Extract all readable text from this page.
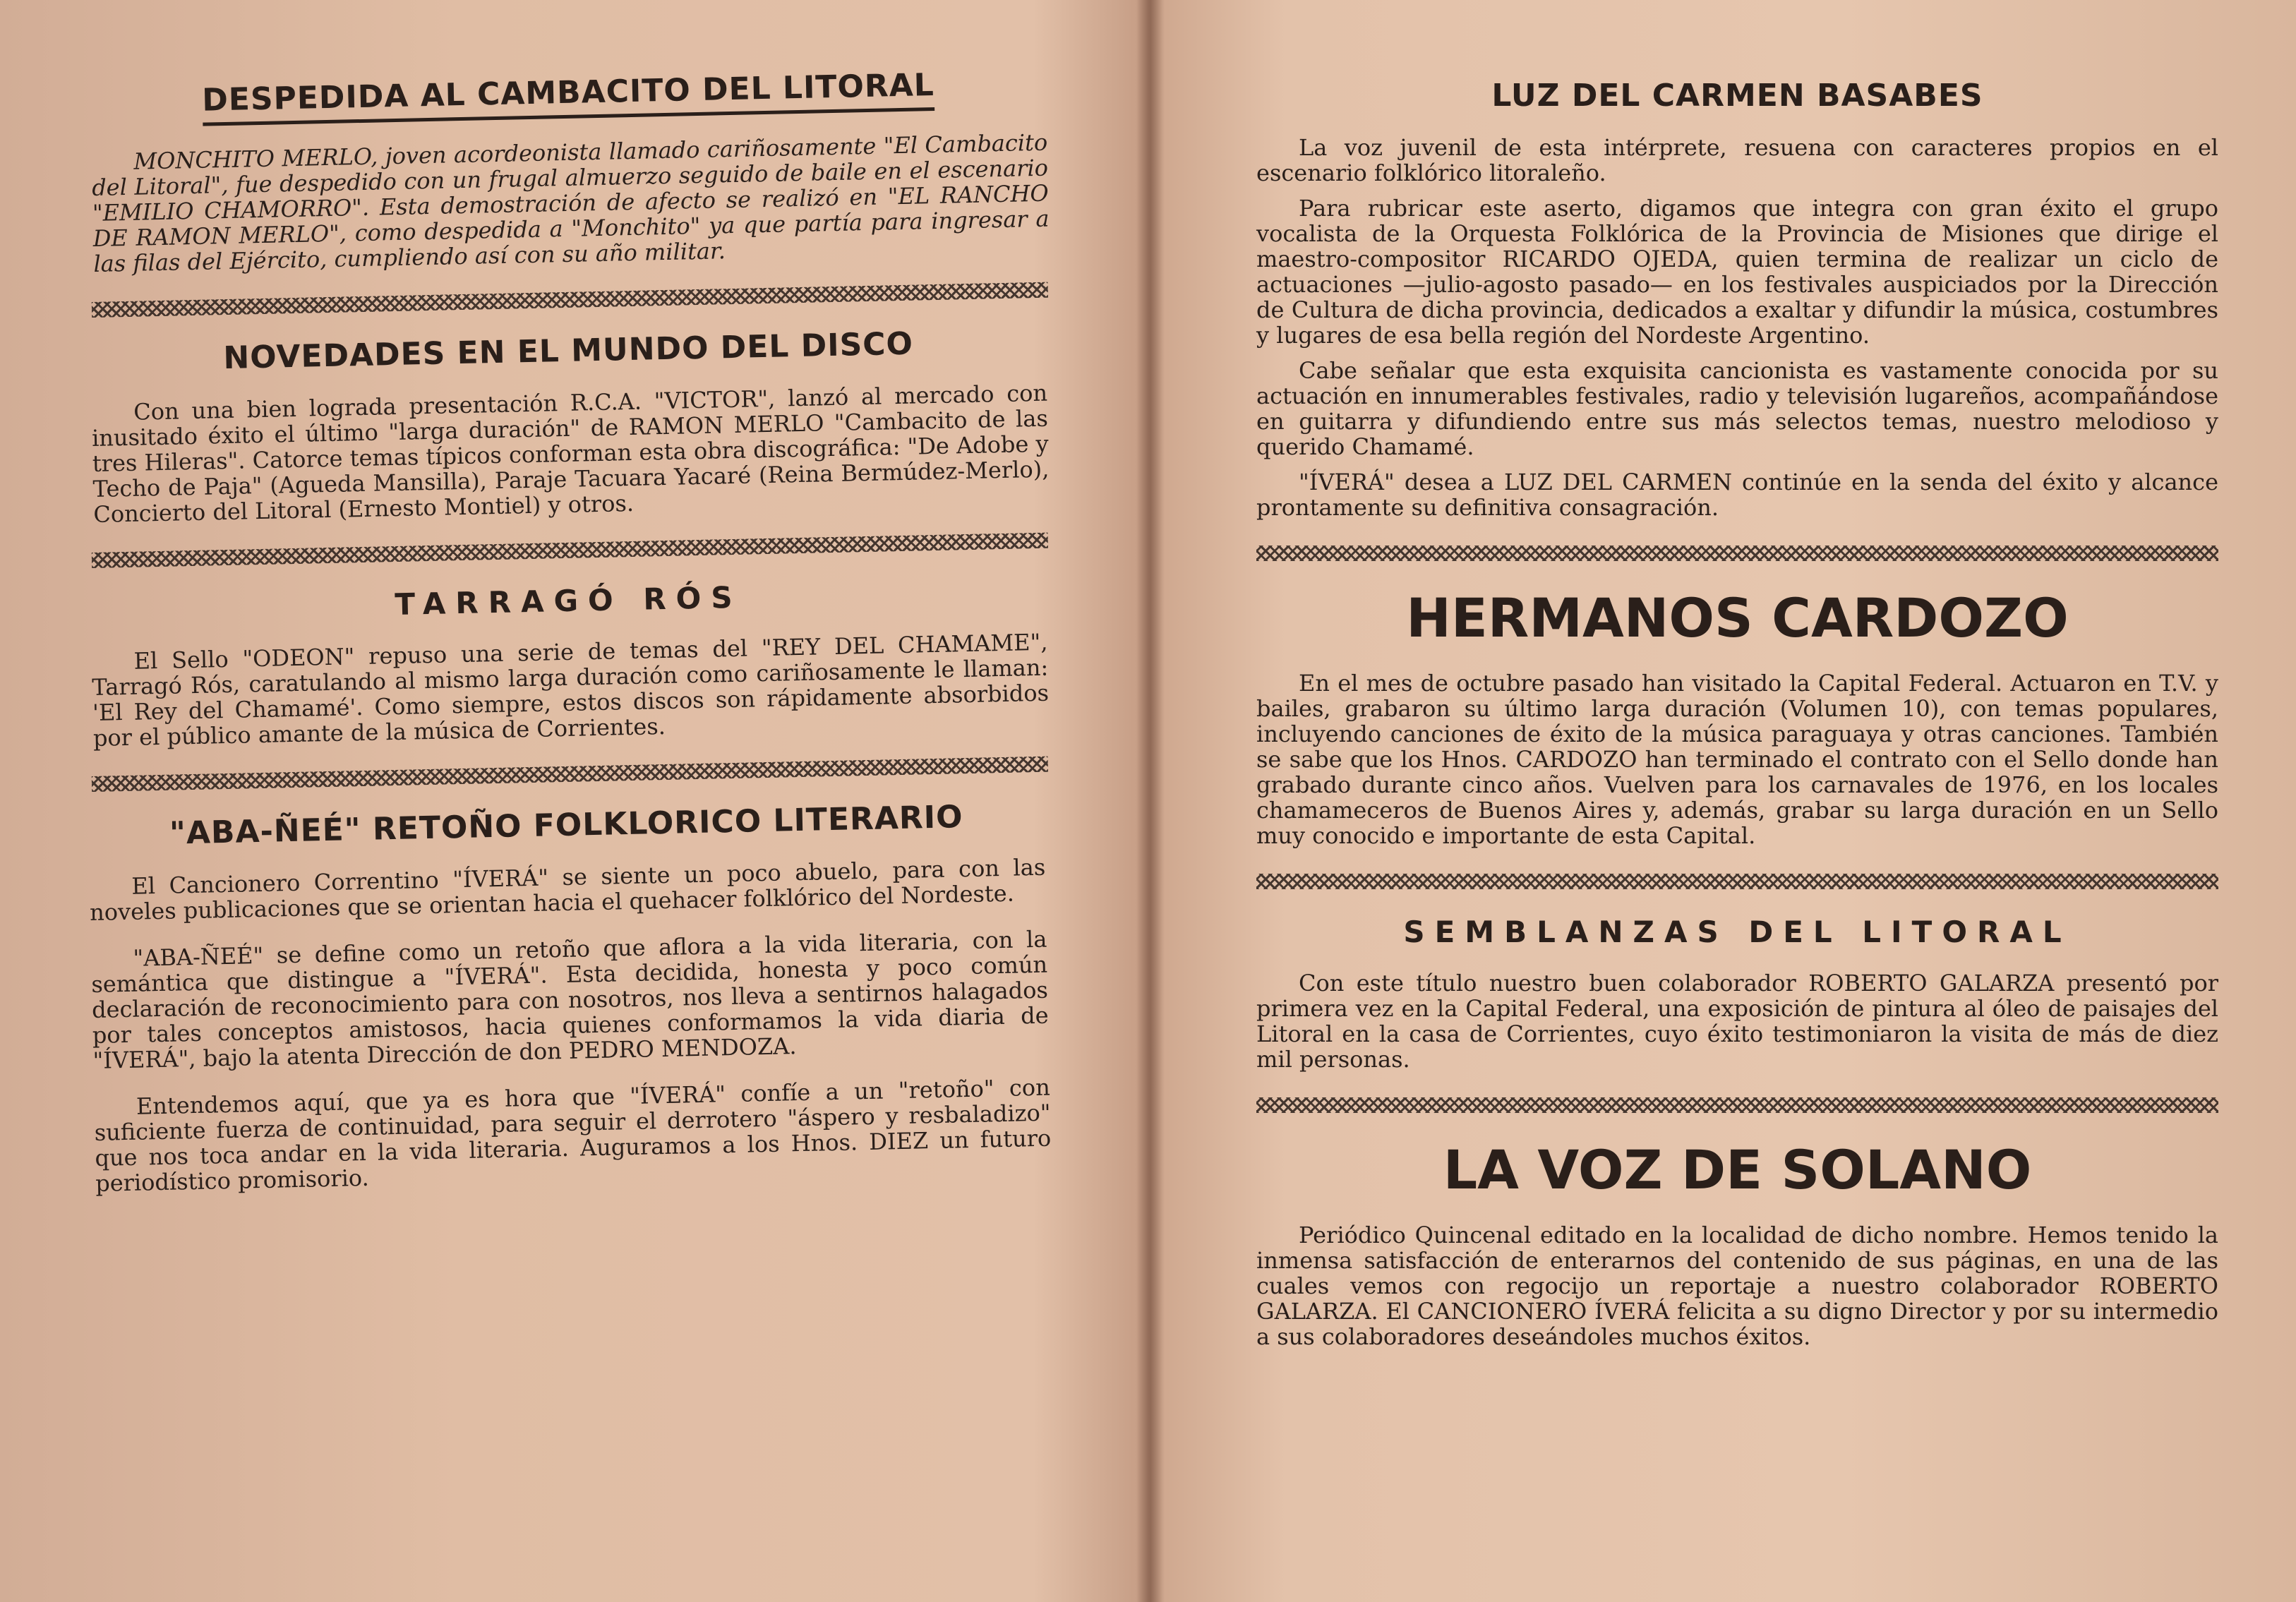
DESPEDIDA AL CAMBACITO DEL LITORAL

MONCHITO MERLO, joven acordeonista llamado cariñosamente "El Cambacito del Litoral", fue despedido con un frugal almuerzo seguido de baile en el escenario "EMILIO CHAMORRO". Esta demostración de afecto se realizó en "EL RANCHO DE RAMON MERLO", como despedida a "Monchito" ya que partía para ingresar a las filas del Ejército, cumpliendo así con su año militar.

NOVEDADES EN EL MUNDO DEL DISCO

Con una bien lograda presentación R.C.A. "VICTOR", lanzó al mercado con inusitado éxito el último "larga duración" de RAMON MERLO "Cambacito de las tres Hileras". Catorce temas típicos conforman esta obra discográfica: "De Adobe y Techo de Paja" (Agueda Mansilla), Paraje Tacuara Yacaré (Reina Bermúdez-Merlo), Concierto del Litoral (Ernesto Montiel) y otros.

TARRAGÓ RÓS

El Sello "ODEON" repuso una serie de temas del "REY DEL CHAMAME", Tarragó Rós, caratulando al mismo larga duración como cariñosamente le llaman: 'El Rey del Chamamé'. Como siempre, estos discos son rápidamente absorbidos por el público amante de la música de Corrientes.

"ABA-ÑEÉ" RETOÑO FOLKLORICO LITERARIO

El Cancionero Correntino "ÍVERÁ" se siente un poco abuelo, para con las noveles publicaciones que se orientan hacia el quehacer folklórico del Nordeste.

"ABA-ÑEÉ" se define como un retoño que aflora a la vida literaria, con la semántica que distingue a "ÍVERÁ". Esta decidida, honesta y poco común declaración de reconocimiento para con nosotros, nos lleva a sentirnos halagados por tales conceptos amistosos, hacia quienes conformamos la vida diaria de "ÍVERÁ", bajo la atenta Dirección de don PEDRO MENDOZA.

Entendemos aquí, que ya es hora que "ÍVERÁ" confíe a un "retoño" con suficiente fuerza de continuidad, para seguir el derrotero "áspero y resbaladizo" que nos toca andar en la vida literaria. Auguramos a los Hnos. DIEZ un futuro periodístico promisorio.

LUZ DEL CARMEN BASABES

La voz juvenil de esta intérprete, resuena con caracteres propios en el escenario folklórico litoraleño.

Para rubricar este aserto, digamos que integra con gran éxito el grupo vocalista de la Orquesta Folklórica de la Provincia de Misiones que dirige el maestro-compositor RICARDO OJEDA, quien termina de realizar un ciclo de actuaciones —julio-agosto pasado— en los festivales auspiciados por la Dirección de Cultura de dicha provincia, dedicados a exaltar y difundir la música, costumbres y lugares de esa bella región del Nordeste Argentino.

Cabe señalar que esta exquisita cancionista es vastamente conocida por su actuación en innumerables festivales, radio y televisión lugareños, acompañándose en guitarra y difundiendo entre sus más selectos temas, nuestro melodioso y querido Chamamé.

"ÍVERÁ" desea a LUZ DEL CARMEN continúe en la senda del éxito y alcance prontamente su definitiva consagración.

HERMANOS CARDOZO

En el mes de octubre pasado han visitado la Capital Federal. Actuaron en T.V. y bailes, grabaron su último larga duración (Volumen 10), con temas populares, incluyendo canciones de éxito de la música paraguaya y otras canciones. También se sabe que los Hnos. CARDOZO han terminado el contrato con el Sello donde han grabado durante cinco años. Vuelven para los carnavales de 1976, en los locales chamameceros de Buenos Aires y, además, grabar su larga duración en un Sello muy conocido e importante de esta Capital.

SEMBLANZAS DEL LITORAL

Con este título nuestro buen colaborador ROBERTO GALARZA presentó por primera vez en la Capital Federal, una exposición de pintura al óleo de paisajes del Litoral en la casa de Corrientes, cuyo éxito testimoniaron la visita de más de diez mil personas.

LA VOZ DE SOLANO

Periódico Quincenal editado en la localidad de dicho nombre. Hemos tenido la inmensa satisfacción de enterarnos del contenido de sus páginas, en una de las cuales vemos con regocijo un reportaje a nuestro colaborador ROBERTO GALARZA. El CANCIONERO ÍVERÁ felicita a su digno Director y por su intermedio a sus colaboradores deseándoles muchos éxitos.
